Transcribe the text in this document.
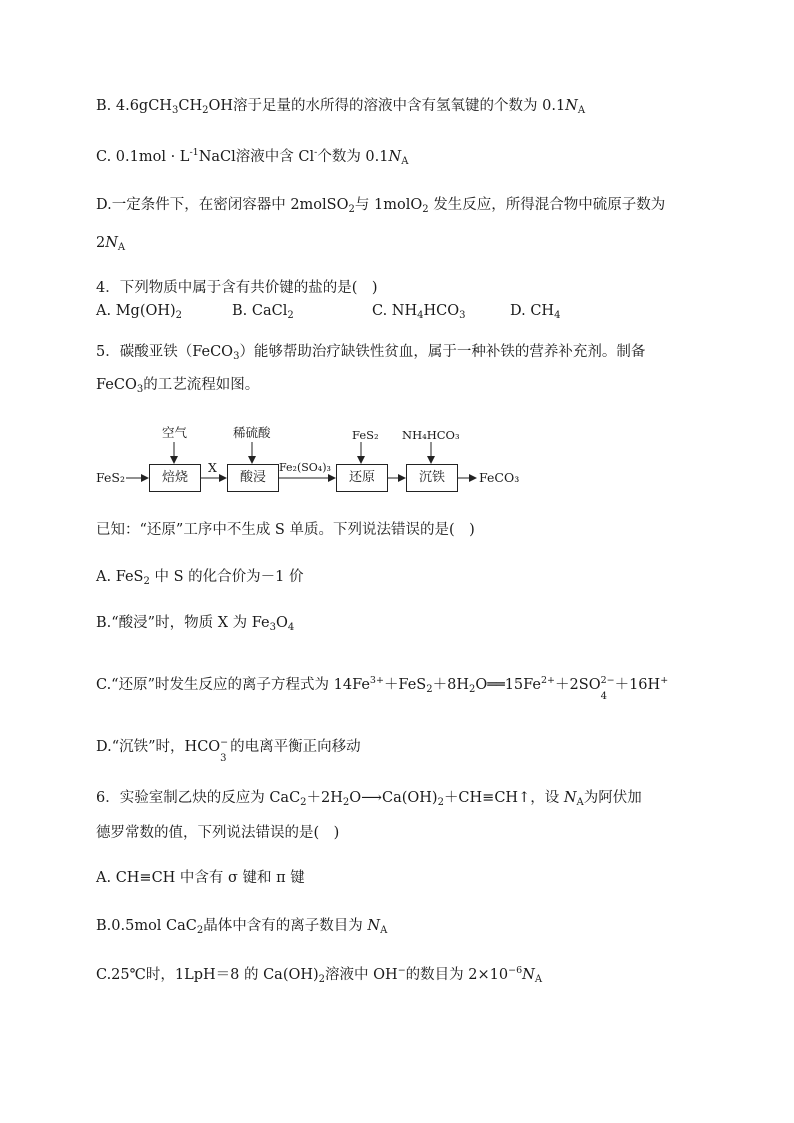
B. $4.6gCH_3CH_2OH$溶于足量的水所得的溶液中含有氢氧键的个数为 $0.1N_A$
C. $0.1mol \cdot L^{-1}NaCl$溶液中含 Cl-个数为 $0.1N_A$
D.一定条件下，在密闭容器中 2molSO$_2$与 1molO$_2$ 发生反应，所得混合物中硫原子数为
$2N_A$
4．下列物质中属于含有共价键的盐的是(　)
A. $Mg(OH)_2$	B. CaCl$_2$	C. $NH_4HCO_3$	D. $CH_4$
5．碳酸亚铁（FeCO$_3$）能够帮助治疗缺铁性贫血，属于一种补铁的营养补充剂。制备
FeCO$_3$的工艺流程如图。
FeS₂
空气
焙烧
X
稀硫酸
酸浸
Fe₂(SO₄)₃
FeS₂
还原
NH₄HCO₃
沉铁	FeCO₃
已知：“还原”工序中不生成 S 单质。下列说法错误的是(　)
A. FeS$_2$ 中 S 的化合价为－1 价
B.“酸浸”时，物质 X 为 $Fe_3O_4$
C.“还原”时发生反应的离子方程式为 $14Fe^{3+}+FeS_2+8H_2O══15Fe^{2+}+2SO$ 2−
4
＋16H+
D.“沉铁”时，HCO −
3
的电离平衡正向移动
6．实验室制乙炔的反应为 $CaC_2+2H_2O⟶Ca(OH)_2+CH\equiv CH↑$，设 $N_A$为阿伏加
德罗常数的值，下列说法错误的是(　)
A. CH≡CH 中含有 σ 键和 π 键
B.0.5mol CaC$_2$晶体中含有的离子数目为 $N_A$
C.25℃时，1LpH＝8 的 $Ca(OH)_2$溶液中 OH−的数目为 $2\times 10^{-6}N_A$
